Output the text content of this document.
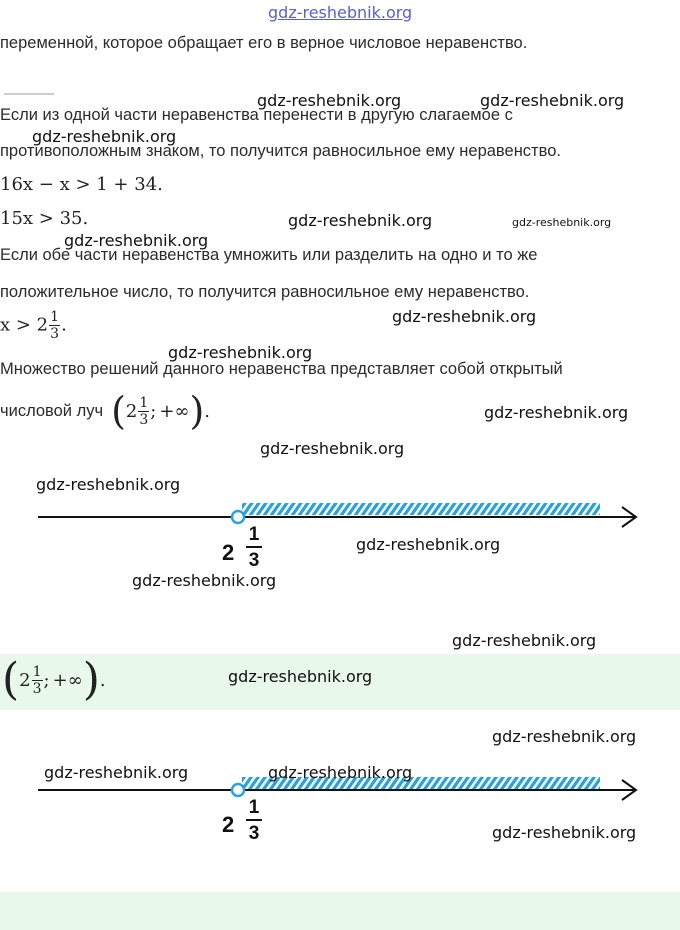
gdz-reshebnik.org
переменной, которое обращает его в верное числовое неравенство.
Если из одной части неравенства перенести в другую слагаемое с
противоположным знаком, то получится равносильное ему неравенство.
16x − x > 1 + 34.
15x > 35.
Если обе части неравенства умножить или разделить на одно и то же
положительное число, то получится равносильное ему неравенство.
$x > 2 \frac{1}{3}$ .
Множество решений данного неравенства представляет собой открытый
числовой луч ( $2 \frac{1}{3}$ ; +∞ ) .
2
1
3
( $2 \frac{1}{3}$ ; +∞ ) .
2
1
3
gdz-reshebnik.org	gdz-reshebnik.org
gdz-reshebnik.org
gdz-reshebnik.org	gdz-reshebnik.org
gdz-reshebnik.org
gdz-reshebnik.org
gdz-reshebnik.org
gdz-reshebnik.org
gdz-reshebnik.org
gdz-reshebnik.org
gdz-reshebnik.org
gdz-reshebnik.org
gdz-reshebnik.org
gdz-reshebnik.org
gdz-reshebnik.org
gdz-reshebnik.org	gdz-reshebnik.org
gdz-reshebnik.org
